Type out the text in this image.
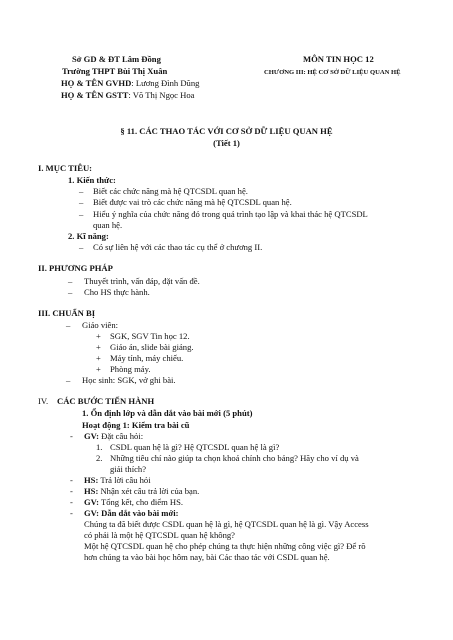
Sở GD & ĐT Lâm Đồng
Trường THPT Bùi Thị Xuân
HỌ & TÊN GVHD: Lương Đình Dũng
HỌ & TÊN GSTT: Võ Thị Ngọc Hoa
MÔN TIN HỌC 12
CHƯƠNG III: HỆ CƠ SỞ DỮ LIỆU QUAN HỆ
§ 11. CÁC THAO TÁC VỚI CƠ SỞ DỮ LIỆU QUAN HỆ
(Tiết 1)
I. MỤC TIÊU:
1. Kiến thức:
– Biết các chức năng mà hệ QTCSDL quan hệ.
– Biết được vai trò các chức năng mà hệ QTCSDL quan hệ.
– Hiểu ý nghĩa của chức năng đó trong quá trình tạo lập và khai thác hệ QTCSDL
quan hệ.
2. Kĩ năng:
– Có sự liên hệ với các thao tác cụ thể ở chương II.
II. PHƯƠNG PHÁP
– Thuyết trình, vấn đáp, đặt vấn đề.
– Cho HS thực hành.
III. CHUẨN BỊ
– Giáo viên:
+ SGK, SGV Tin học 12.
+ Giáo án, slide bài giảng.
+ Máy tính, máy chiếu.
+ Phòng máy.
– Học sinh: SGK, vở ghi bài.
IV. CÁC BƯỚC TIẾN HÀNH
1. Ổn định lớp và dẫn dắt vào bài mới (5 phút)
Hoạt động 1: Kiểm tra bài cũ
- GV: Đặt câu hỏi:
1. CSDL quan hệ là gì? Hệ QTCSDL quan hệ là gì?
2. Những tiêu chí nào giúp ta chọn khoá chính cho bảng? Hãy cho ví dụ và
giải thích?
- HS: Trả lời câu hỏi
- HS: Nhận xét câu trả lời của bạn.
- GV: Tổng kết, cho điểm HS.
- GV: Dẫn dắt vào bài mới:
Chúng ta đã biết được CSDL quan hệ là gì, hệ QTCSDL quan hệ là gì. Vậy Access
có phải là một hệ QTCSDL quan hệ không?
Một hệ QTCSDL quan hệ cho phép chúng ta thực hiện những công việc gì? Để rõ
hơn chúng ta vào bài học hôm nay, bài Các thao tác với CSDL quan hệ.
